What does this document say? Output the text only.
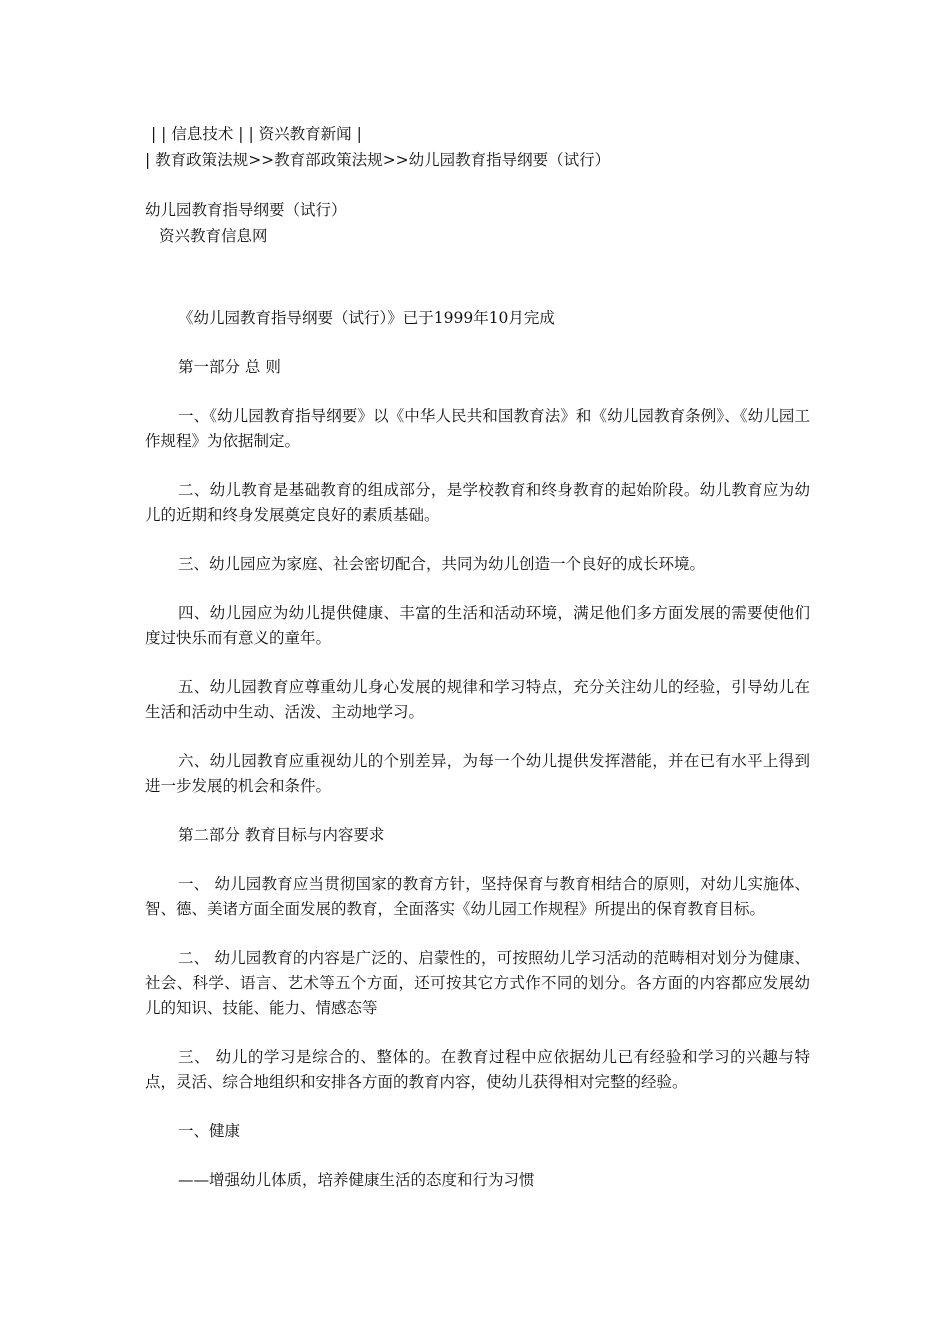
| | 信息技术 | | 资兴教育新闻 |
| 教育政策法规>>教育部政策法规>>幼儿园教育指导纲要（试行）
幼儿园教育指导纲要（试行）
资兴教育信息网

《幼儿园教育指导纲要（试行）》已于1999年10月完成

第一部分 总 则

一、《幼儿园教育指导纲要》以《中华人民共和国教育法》和《幼儿园教育条例》、《幼儿园工作规程》为依据制定。

二、幼儿教育是基础教育的组成部分，是学校教育和终身教育的起始阶段。幼儿教育应为幼儿的近期和终身发展奠定良好的素质基础。

三、幼儿园应为家庭、社会密切配合，共同为幼儿创造一个良好的成长环境。

四、幼儿园应为幼儿提供健康、丰富的生活和活动环境，满足他们多方面发展的需要使他们度过快乐而有意义的童年。

五、幼儿园教育应尊重幼儿身心发展的规律和学习特点，充分关注幼儿的经验，引导幼儿在生活和活动中生动、活泼、主动地学习。

六、幼儿园教育应重视幼儿的个别差异，为每一个幼儿提供发挥潜能，并在已有水平上得到进一步发展的机会和条件。

第二部分 教育目标与内容要求

一、 幼儿园教育应当贯彻国家的教育方针，坚持保育与教育相结合的原则，对幼儿实施体、智、德、美诸方面全面发展的教育，全面落实《幼儿园工作规程》所提出的保育教育目标。

二、 幼儿园教育的内容是广泛的、启蒙性的，可按照幼儿学习活动的范畴相对划分为健康、社会、科学、语言、艺术等五个方面，还可按其它方式作不同的划分。各方面的内容都应发展幼儿的知识、技能、能力、情感态等

三、 幼儿的学习是综合的、整体的。在教育过程中应依据幼儿已有经验和学习的兴趣与特点，灵活、综合地组织和安排各方面的教育内容，使幼儿获得相对完整的经验。

一、健康

——增强幼儿体质，培养健康生活的态度和行为习惯
